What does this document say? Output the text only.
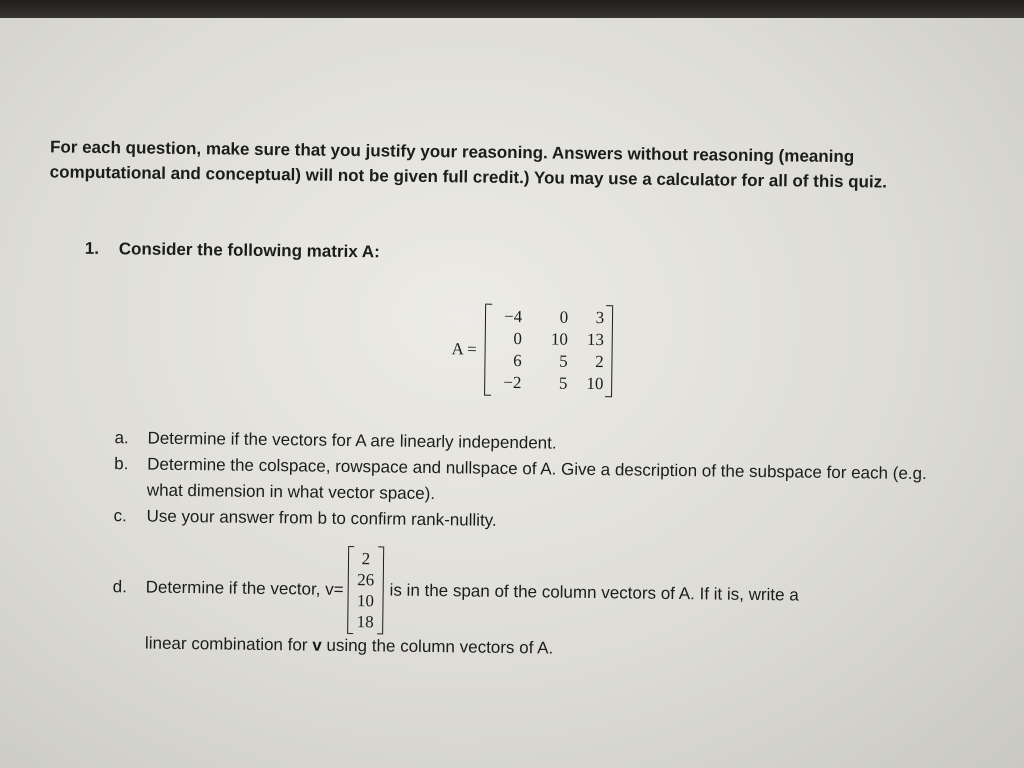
For each question, make sure that you justify your reasoning. Answers without reasoning (meaning computational and conceptual) will not be given full credit.) You may use a calculator for all of this quiz.
1. Consider the following matrix A:
A =
−4	0	3
0	10	13
6	5	2
−2	5	10
a.	Determine if the vectors for A are linearly independent.
b.	Determine the colspace, rowspace and nullspace of A. Give a description of the subspace for each (e.g. what dimension in what vector space).
c.	Use your answer from b to confirm rank-nullity.
d.	Determine if the vector, v=
2
26
10
18
is in the span of the column vectors of A. If it is, write a
linear combination for v using the column vectors of A.
